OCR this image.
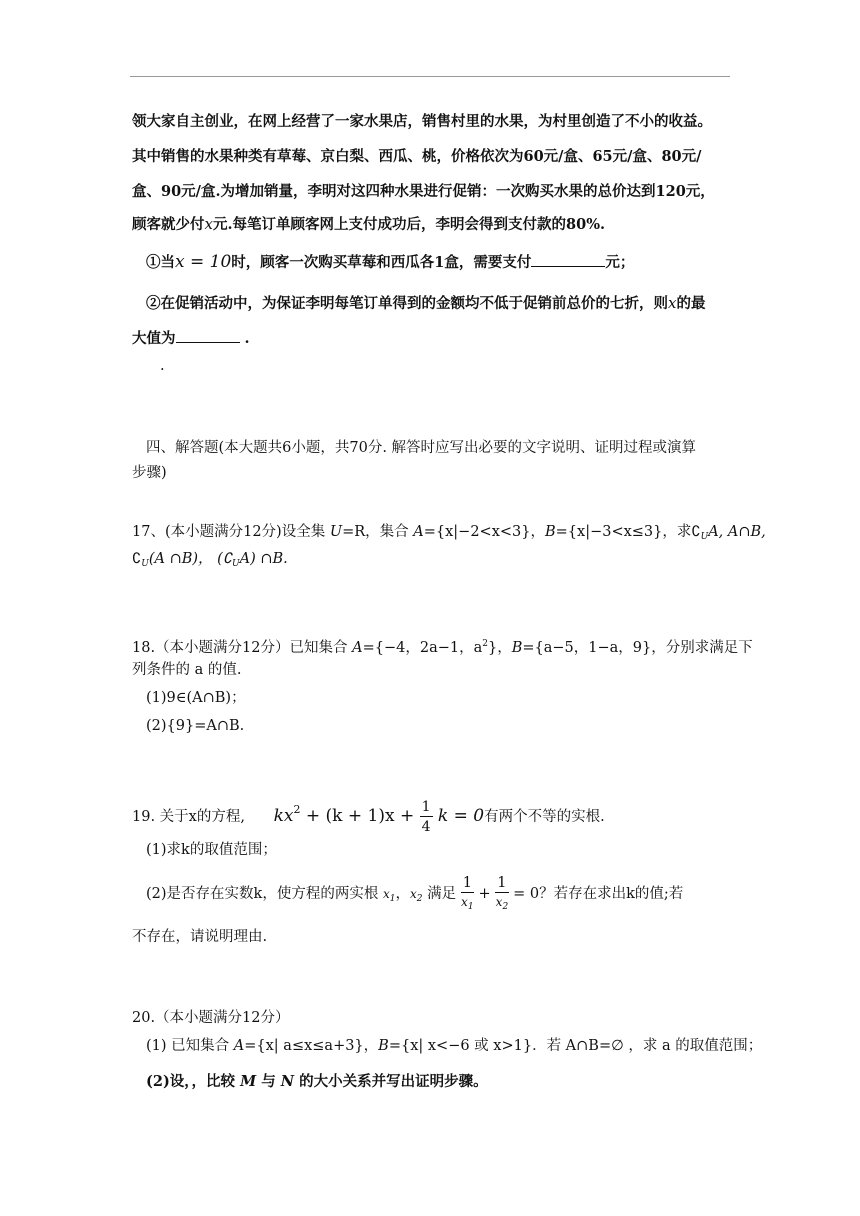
领大家自主创业，在网上经营了一家水果店，销售村里的水果，为村里创造了不小的收益。
其中销售的水果种类有草莓、京白梨、西瓜、桃，价格依次为60元/盒、65元/盒、80元/
盒、90元/盒.为增加销量，李明对这四种水果进行促销：一次购买水果的总价达到120元，
顾客就少付x元.每笔订单顾客网上支付成功后，李明会得到支付款的80%.
①当x = 10时，顾客一次购买草莓和西瓜各1盒，需要支付	元；
②在促销活动中，为保证李明每笔订单得到的金额均不低于促销前总价的七折，则x的最
大值为	.
.
四、解答题(本大题共6小题，共70分. 解答时应写出必要的文字说明、证明过程或演算
步骤)
17、(本小题满分12分)设全集 U=R，集合 A={x|−2<x<3}，B={x|−3<x≤3}，求$∁_UA$, A∩B,
$∁_U(A$ ∩B)， $(∁_UA)$ ∩B.
18.（本小题满分12分）已知集合 A={−4，2a−1，$a^2$}，B={a−5，1−a，9}，分别求满足下
列条件的 a 的值.
(1)9∈(A∩B)；
(2){9}=A∩B.
19. 关于x的方程, $kx^2 + (k + 1)x + \frac{1}{4}$ k = 0有两个不等的实根.
(1)求k的取值范围；
(2)是否存在实数k，使方程的两实根 $x_1$，$x_2$ 满足 $\frac{1}{x_1} + \frac{1}{x_2} = 0$？若存在求出k的值;若
不存在，请说明理由.
20.（本小题满分12分）
(1) 已知集合 A={x| a≤x≤a+3}，B={x| x<−6 或 x>1}．若 A∩B=∅ ，求 a 的取值范围；
(2)设，，比较 M 与 N 的大小关系并写出证明步骤。
